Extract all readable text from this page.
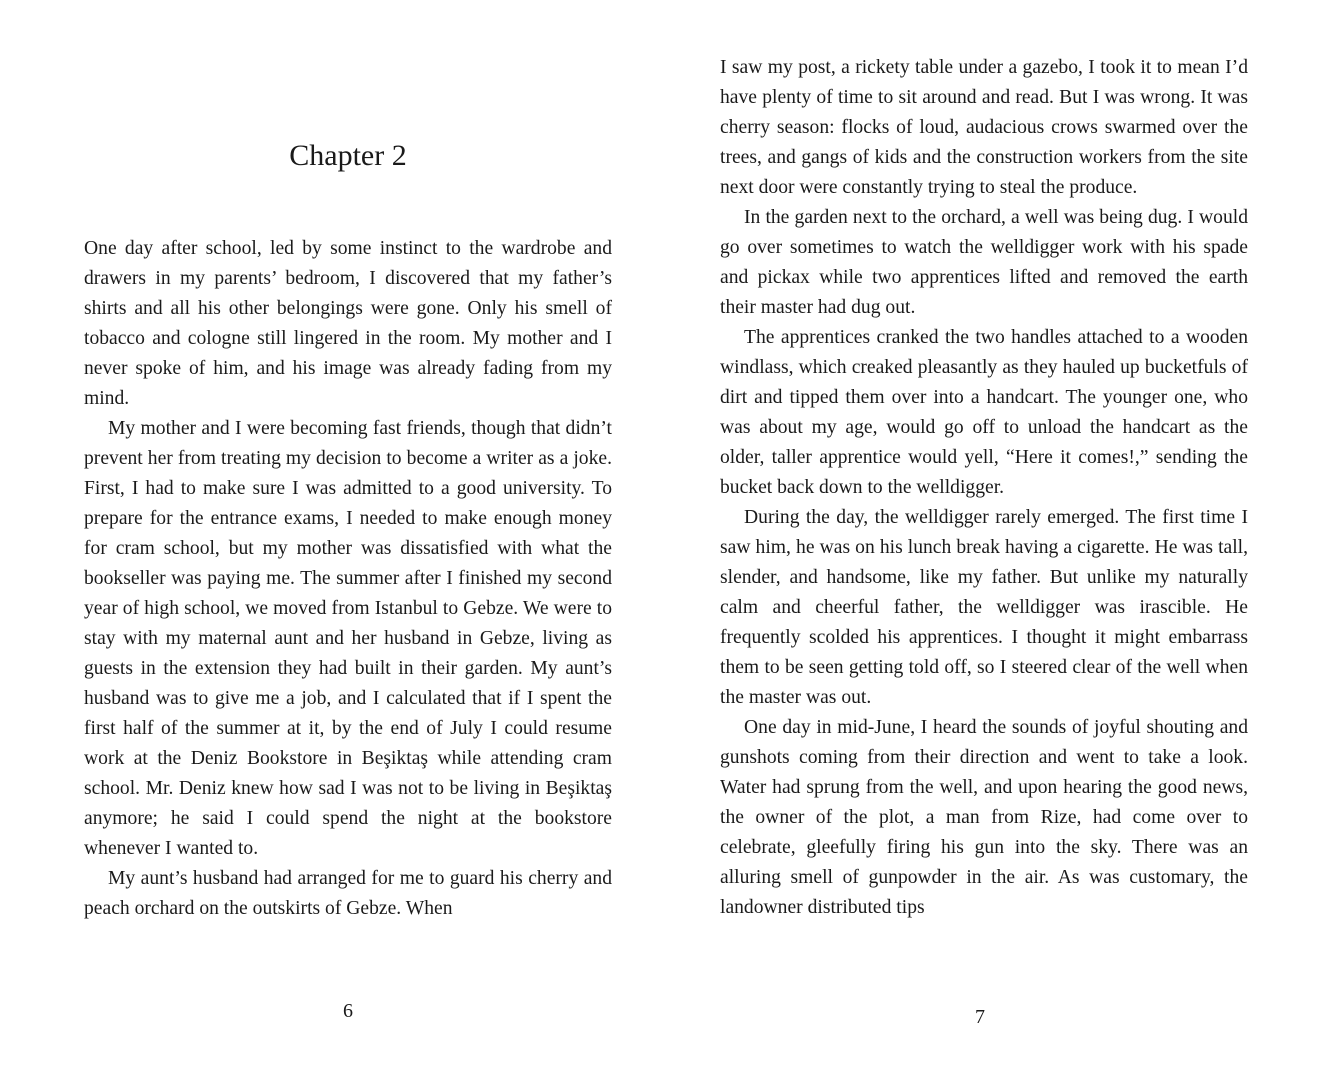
Chapter 2

One day after school, led by some instinct to the wardrobe and drawers in my parents’ bedroom, I discovered that my father’s shirts and all his other belongings were gone. Only his smell of tobacco and cologne still lingered in the room. My mother and I never spoke of him, and his image was already fading from my mind.

My mother and I were becoming fast friends, though that didn’t prevent her from treating my decision to become a writer as a joke. First, I had to make sure I was admitted to a good university. To prepare for the entrance exams, I needed to make enough money for cram school, but my mother was dissatisfied with what the bookseller was paying me. The summer after I finished my second year of high school, we moved from Istanbul to Gebze. We were to stay with my maternal aunt and her husband in Gebze, living as guests in the extension they had built in their garden. My aunt’s husband was to give me a job, and I calculated that if I spent the first half of the summer at it, by the end of July I could resume work at the Deniz Bookstore in Beşiktaş while attending cram school. Mr. Deniz knew how sad I was not to be living in Beşiktaş anymore; he said I could spend the night at the bookstore whenever I wanted to.

My aunt’s husband had arranged for me to guard his cherry and peach orchard on the outskirts of Gebze. When

6

I saw my post, a rickety table under a gazebo, I took it to mean I’d have plenty of time to sit around and read. But I was wrong. It was cherry season: flocks of loud, audacious crows swarmed over the trees, and gangs of kids and the construction workers from the site next door were constantly trying to steal the produce.

In the garden next to the orchard, a well was being dug. I would go over sometimes to watch the welldigger work with his spade and pickax while two apprentices lifted and removed the earth their master had dug out.

The apprentices cranked the two handles attached to a wooden windlass, which creaked pleasantly as they hauled up bucketfuls of dirt and tipped them over into a handcart. The younger one, who was about my age, would go off to unload the handcart as the older, taller apprentice would yell, “Here it comes!,” sending the bucket back down to the welldigger.

During the day, the welldigger rarely emerged. The first time I saw him, he was on his lunch break having a cigarette. He was tall, slender, and handsome, like my father. But unlike my naturally calm and cheerful father, the welldigger was irascible. He frequently scolded his apprentices. I thought it might embarrass them to be seen getting told off, so I steered clear of the well when the master was out.

One day in mid-June, I heard the sounds of joyful shouting and gunshots coming from their direction and went to take a look. Water had sprung from the well, and upon hearing the good news, the owner of the plot, a man from Rize, had come over to celebrate, gleefully firing his gun into the sky. There was an alluring smell of gunpowder in the air. As was customary, the landowner distributed tips

7
